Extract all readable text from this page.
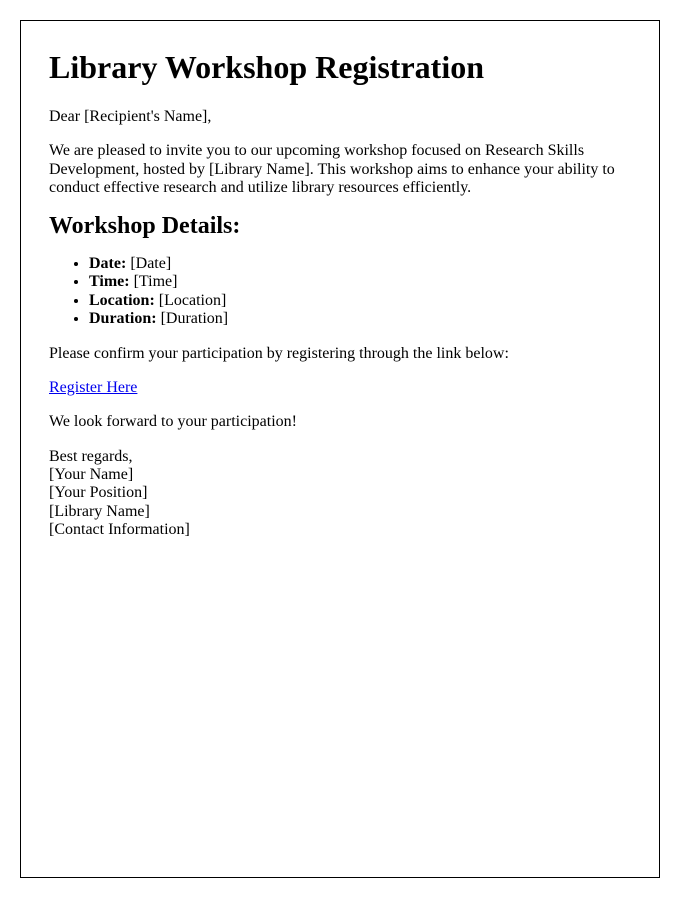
Library Workshop Registration

Dear [Recipient's Name],

We are pleased to invite you to our upcoming workshop focused on Research Skills Development, hosted by [Library Name]. This workshop aims to enhance your ability to conduct effective research and utilize library resources efficiently.

Workshop Details:
• Date: [Date]
• Time: [Time]
• Location: [Location]
• Duration: [Duration]

Please confirm your participation by registering through the link below:

Register Here

We look forward to your participation!

Best regards,
[Your Name]
[Your Position]
[Library Name]
[Contact Information]
